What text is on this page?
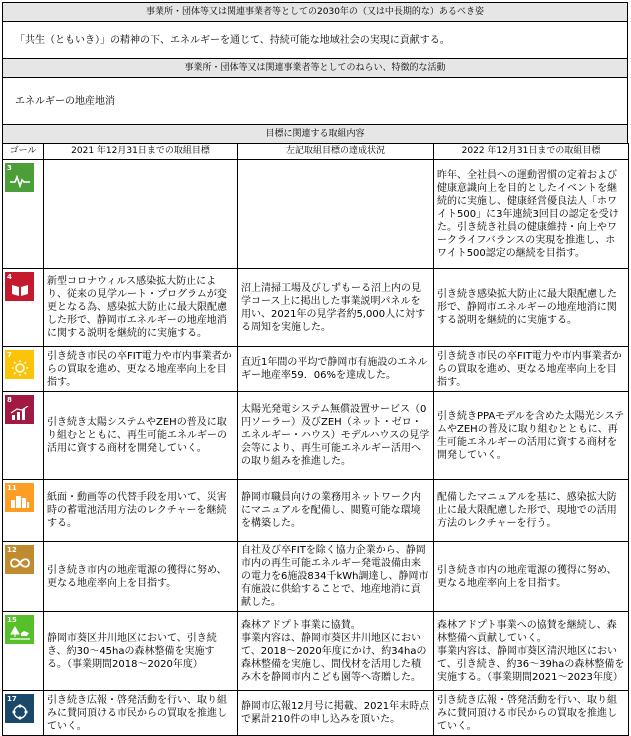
事業所・団体等又は関連事業者等としての2030年の（又は中長期的な）あるべき姿
「共生（ともいき）」の精神の下、エネルギーを通じて、持続可能な地域社会の実現に貢献する。
事業所・団体等又は関連事業者等としてのねらい、特徴的な活動
エネルギーの地産地消
目標に関連する取組内容
ゴール	2021 年12月31日までの取組目標	左記取組目標の達成状況	2022 年12月31日までの取組目標

3			昨年、全社員への運動習慣の定着および健康意識向上を目的としたイベントを継続的に実施し、健康経営優良法人「ホワイト500」に3年連続3回目の認定を受けた。引き続き社員の健康維持・向上やワークライフバランスの実現を推進し、ホワイト500認定の継続を目指す。

4	新型コロナウィルス感染拡大防止により、従来の見学ルート・プログラムが変更となる為、感染拡大防止に最大限配慮した形で、静岡市エネルギーの地産地消に関する説明を継続的に実施する。	沼上清掃工場及びしずもーる沼上内の見学コース上に掲出した事業説明パネルを用い、2021年の見学者約5,000人に対する周知を実施した。	引き続き感染拡大防止に最大限配慮した形で、静岡市エネルギーの地産地消に関する説明を継続的に実施する。

7	引き続き市民の卒FIT電力や市内事業者からの買取を進め、更なる地産率向上を目指す。	直近1年間の平均で静岡市有施設のエネルギー地産率59．06%を達成した。	引き続き市民の卒FIT電力や市内事業者からの買取を進め、更なる地産率向上を目指す。

8	引き続き太陽システムやZEHの普及に取り組むとともに、再生可能エネルギーの活用に資する商材を開発していく。	太陽光発電システム無償設置サービス（0円ソーラー）及びZEH（ネット・ゼロ・エネルギー・ハウス）モデルハウスの見学会等により、再生可能エネルギー活用への取り組みを推進した。	引き続きPPAモデルを含めた太陽光システムやZEHの普及に取り組むとともに、再生可能エネルギーの活用に資する商材を開発していく。

11	紙面・動画等の代替手段を用いて、災害時の蓄電池活用方法のレクチャーを継続する。	静岡市職員向けの業務用ネットワーク内にマニュアルを配備し、閲覧可能な環境を構築した。	配備したマニュアルを基に、感染拡大防止に最大限配慮した形で、現地での活用方法のレクチャーを行う。

12	引き続き市内の地産電源の獲得に努め、更なる地産率向上を目指す。	自社及び卒FITを除く協力企業から、静岡市内の再生可能エネルギー発電設備由来の電力を6施設834千kWh調達し、静岡市有施設に供給することで、地産地消に貢献した。	引き続き市内の地産電源の獲得に努め、更なる地産率向上を目指す。

15	静岡市葵区井川地区において、引き続き、約30～45haの森林整備を実施する。（事業期間2018～2020年度）	森林アドプト事業に協賛。
事業内容は、静岡市葵区井川地区において、2018～2020年度にかけ、約34haの森林整備を実施し、間伐材を活用した積み木を静岡市内こども園等へ寄贈した。	森林アドプト事業への協賛を継続し、森林整備へ貢献していく。
事業内容は、静岡市葵区清沢地区において、引き続き、約36～39haの森林整備を実施する。（事業期間2021～2023年度）

17	引き続き広報・啓発活動を行い、取り組みに賛同頂ける市民からの買取を推進していく。	静岡市広報12月号に掲載、2021年末時点で累計210件の申し込みを頂いた。	引き続き広報・啓発活動を行い、取り組みに賛同頂ける市民からの買取を推進していく。
